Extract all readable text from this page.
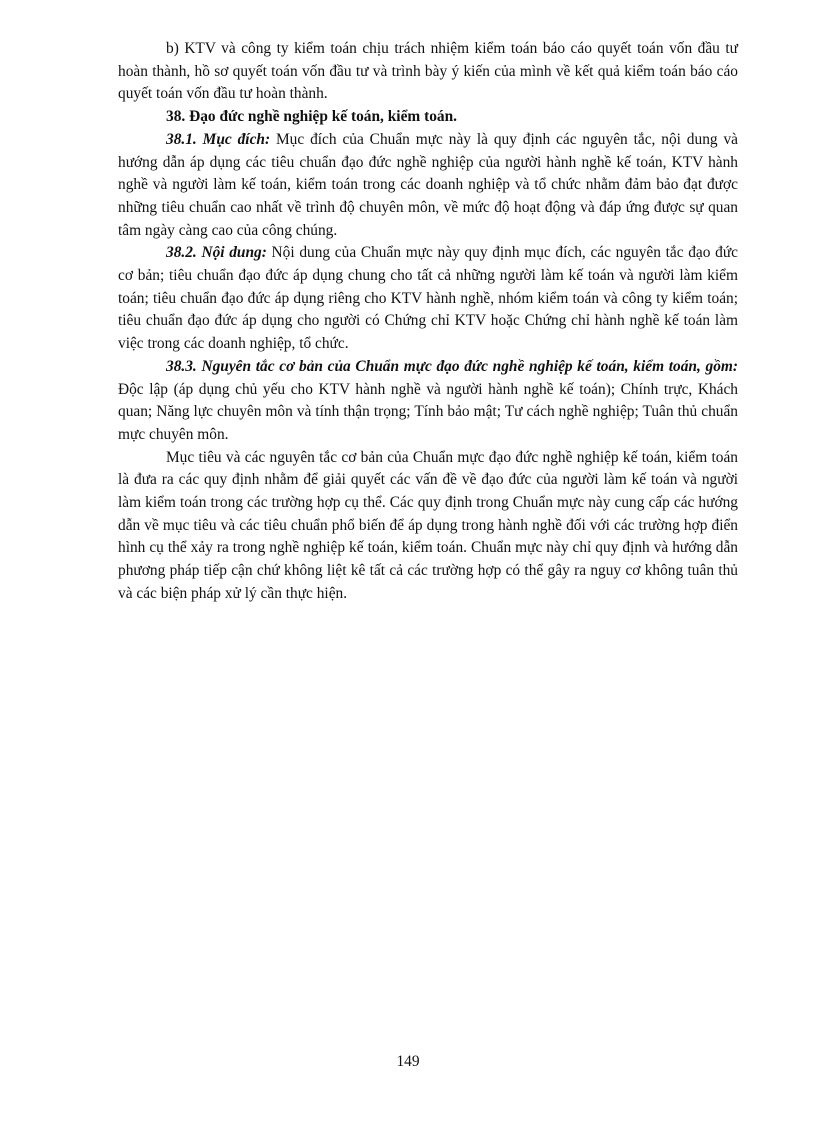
b) KTV và công ty kiểm toán chịu trách nhiệm kiểm toán báo cáo quyết toán vốn đầu tư hoàn thành, hồ sơ quyết toán vốn đầu tư và trình bày ý kiến của mình về kết quả kiểm toán báo cáo quyết toán vốn đầu tư hoàn thành.

38. Đạo đức nghề nghiệp kế toán, kiểm toán.

38.1. Mục đích: Mục đích của Chuẩn mực này là quy định các nguyên tắc, nội dung và hướng dẫn áp dụng các tiêu chuẩn đạo đức nghề nghiệp của người hành nghề kế toán, KTV hành nghề và người làm kế toán, kiểm toán trong các doanh nghiệp và tổ chức nhằm đảm bảo đạt được những tiêu chuẩn cao nhất về trình độ chuyên môn, về mức độ hoạt động và đáp ứng được sự quan tâm ngày càng cao của công chúng.

38.2. Nội dung: Nội dung của Chuẩn mực này quy định mục đích, các nguyên tắc đạo đức cơ bản; tiêu chuẩn đạo đức áp dụng chung cho tất cả những người làm kế toán và người làm kiểm toán; tiêu chuẩn đạo đức áp dụng riêng cho KTV hành nghề, nhóm kiểm toán và công ty kiểm toán; tiêu chuẩn đạo đức áp dụng cho người có Chứng chỉ KTV hoặc Chứng chỉ hành nghề kế toán làm việc trong các doanh nghiệp, tổ chức.

38.3. Nguyên tắc cơ bản của Chuẩn mực đạo đức nghề nghiệp kế toán, kiểm toán, gồm: Độc lập (áp dụng chủ yếu cho KTV hành nghề và người hành nghề kế toán); Chính trực, Khách quan; Năng lực chuyên môn và tính thận trọng; Tính bảo mật; Tư cách nghề nghiệp; Tuân thủ chuẩn mực chuyên môn.

Mục tiêu và các nguyên tắc cơ bản của Chuẩn mực đạo đức nghề nghiệp kế toán, kiểm toán là đưa ra các quy định nhằm để giải quyết các vấn đề về đạo đức của người làm kế toán và người làm kiểm toán trong các trường hợp cụ thể. Các quy định trong Chuẩn mực này cung cấp các hướng dẫn về mục tiêu và các tiêu chuẩn phổ biến để áp dụng trong hành nghề đối với các trường hợp điển hình cụ thể xảy ra trong nghề nghiệp kế toán, kiểm toán. Chuẩn mực này chỉ quy định và hướng dẫn phương pháp tiếp cận chứ không liệt kê tất cả các trường hợp có thể gây ra nguy cơ không tuân thủ và các biện pháp xử lý cần thực hiện.

149
